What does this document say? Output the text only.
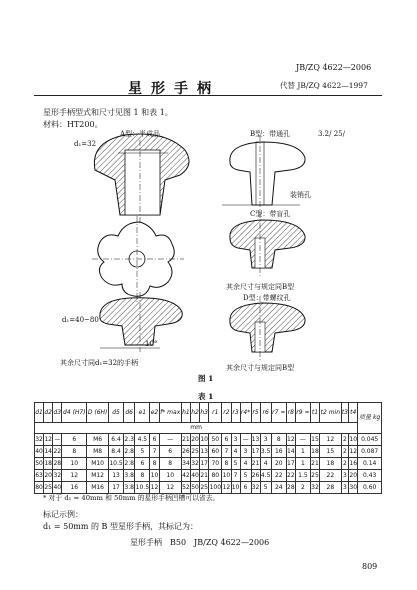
JB/ZQ 4622—2006
星形手柄	代替 JB/ZQ 4622—1997
星形手柄型式和尺寸见图 1 和表 1。
材料：HT200。
A型：半成品
d₁=32
B型：带通孔	3.2/ 25/
装销孔
C型：带盲孔
其余尺寸与规定同B型
D型：带螺纹孔
d₁=40~80
10°
其余尺寸同d₁=32的手柄
其余尺寸与规定同B型
图 1
表 1
d1	d2	d3	d4 (H7)	D (6H)	d5	d6	e1	e2	f* max	h1	h2	h3	r1	r2	r3	r4*	r5	r6	r7 ≈	r8	r9 ≈	t1	t2 min	t3	t4	质量 kg
mm																										
32	12	—	6	M6	6.4	2.3	4.5	6	—	21	20	10	50	6	3	—	13	3	8	12	—	15	12	2	10	0.045
40	14	22	8	M8	8.4	2.8	5	7	6	26	25	13	60	7	4	3	17	3.5	16	14	1	18	15	2	12	0.087
50	18	28	10	M10	10.5	2.8	6	8	8	34	32	17	70	8	5	4	21	4	20	17	1	21	18	2	16	0.14
63	20	32	12	M12	13	3.8	8	10	10	42	40	21	80	10	7	5	26	4.5	22	22	1.5	25	22	3	20	0.43
80	25	40	16	M16	17	3.8	10.5	12	12	52	50	25	100	12	10	6	32	5	24	28	2	32	28	3	30	0.60
* 对于 d₁ = 40mm 和 50mm 的星形手柄凹槽可以省去。
标记示例：
d₁ = 50mm 的 B 型星形手柄，其标记为：
星形手柄　B50　JB/ZQ 4622—2006
809
